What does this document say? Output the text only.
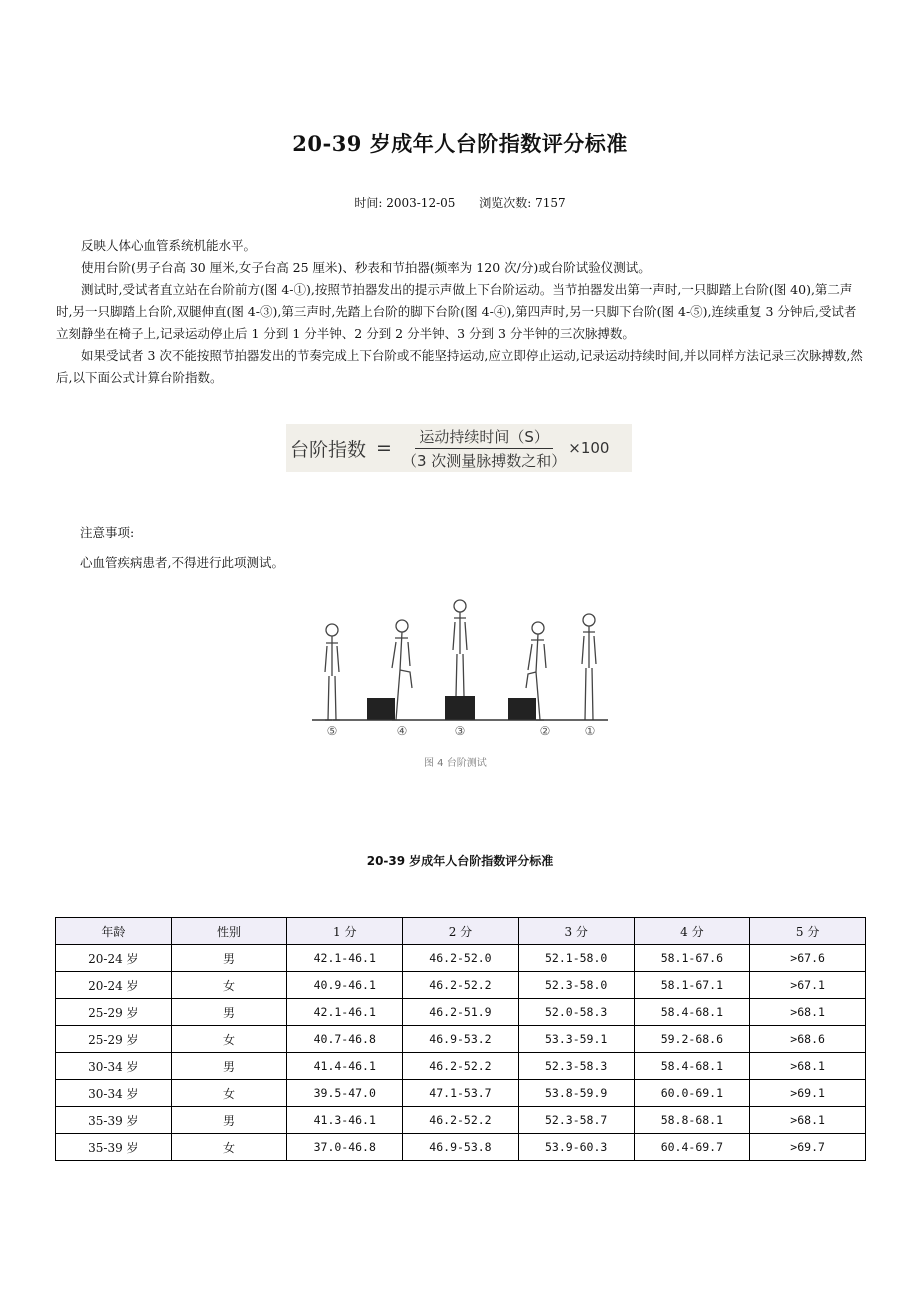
20-39 岁成年人台阶指数评分标准
时间: 2003-12-05 浏览次数: 7157

反映人体心血管系统机能水平。

使用台阶(男子台高 30 厘米,女子台高 25 厘米)、秒表和节拍器(频率为 120 次/分)或台阶试验仪测试。

测试时,受试者直立站在台阶前方(图 4-①),按照节拍器发出的提示声做上下台阶运动。当节拍器发出第一声时,一只脚踏上台阶(图 40),第二声时,另一只脚踏上台阶,双腿伸直(图 4-③),第三声时,先踏上台阶的脚下台阶(图 4-④),第四声时,另一只脚下台阶(图 4-⑤),连续重复 3 分钟后,受试者立刻静坐在椅子上,记录运动停止后 1 分到 1 分半钟、2 分到 2 分半钟、3 分到 3 分半钟的三次脉搏数。

如果受试者 3 次不能按照节拍器发出的节奏完成上下台阶或不能坚持运动,应立即停止运动,记录运动持续时间,并以同样方法记录三次脉搏数,然后,以下面公式计算台阶指数。

台阶指数 = $\frac{\text{运动持续时间（S）}}{\text{（3 次测量脉搏数之和）}} \times 100$
注意事项:
心血管疾病患者,不得进行此项测试。
⑤	④	③	②	①
图 4 台阶测试
20-39 岁成年人台阶指数评分标准
年龄	性别	1 分	2 分	3 分	4 分	5 分
20-24 岁	男	42.1-46.1	46.2-52.0	52.1-58.0	58.1-67.6	>67.6
20-24 岁	女	40.9-46.1	46.2-52.2	52.3-58.0	58.1-67.1	>67.1
25-29 岁	男	42.1-46.1	46.2-51.9	52.0-58.3	58.4-68.1	>68.1
25-29 岁	女	40.7-46.8	46.9-53.2	53.3-59.1	59.2-68.6	>68.6
30-34 岁	男	41.4-46.1	46.2-52.2	52.3-58.3	58.4-68.1	>68.1
30-34 岁	女	39.5-47.0	47.1-53.7	53.8-59.9	60.0-69.1	>69.1
35-39 岁	男	41.3-46.1	46.2-52.2	52.3-58.7	58.8-68.1	>68.1
35-39 岁	女	37.0-46.8	46.9-53.8	53.9-60.3	60.4-69.7	>69.7
